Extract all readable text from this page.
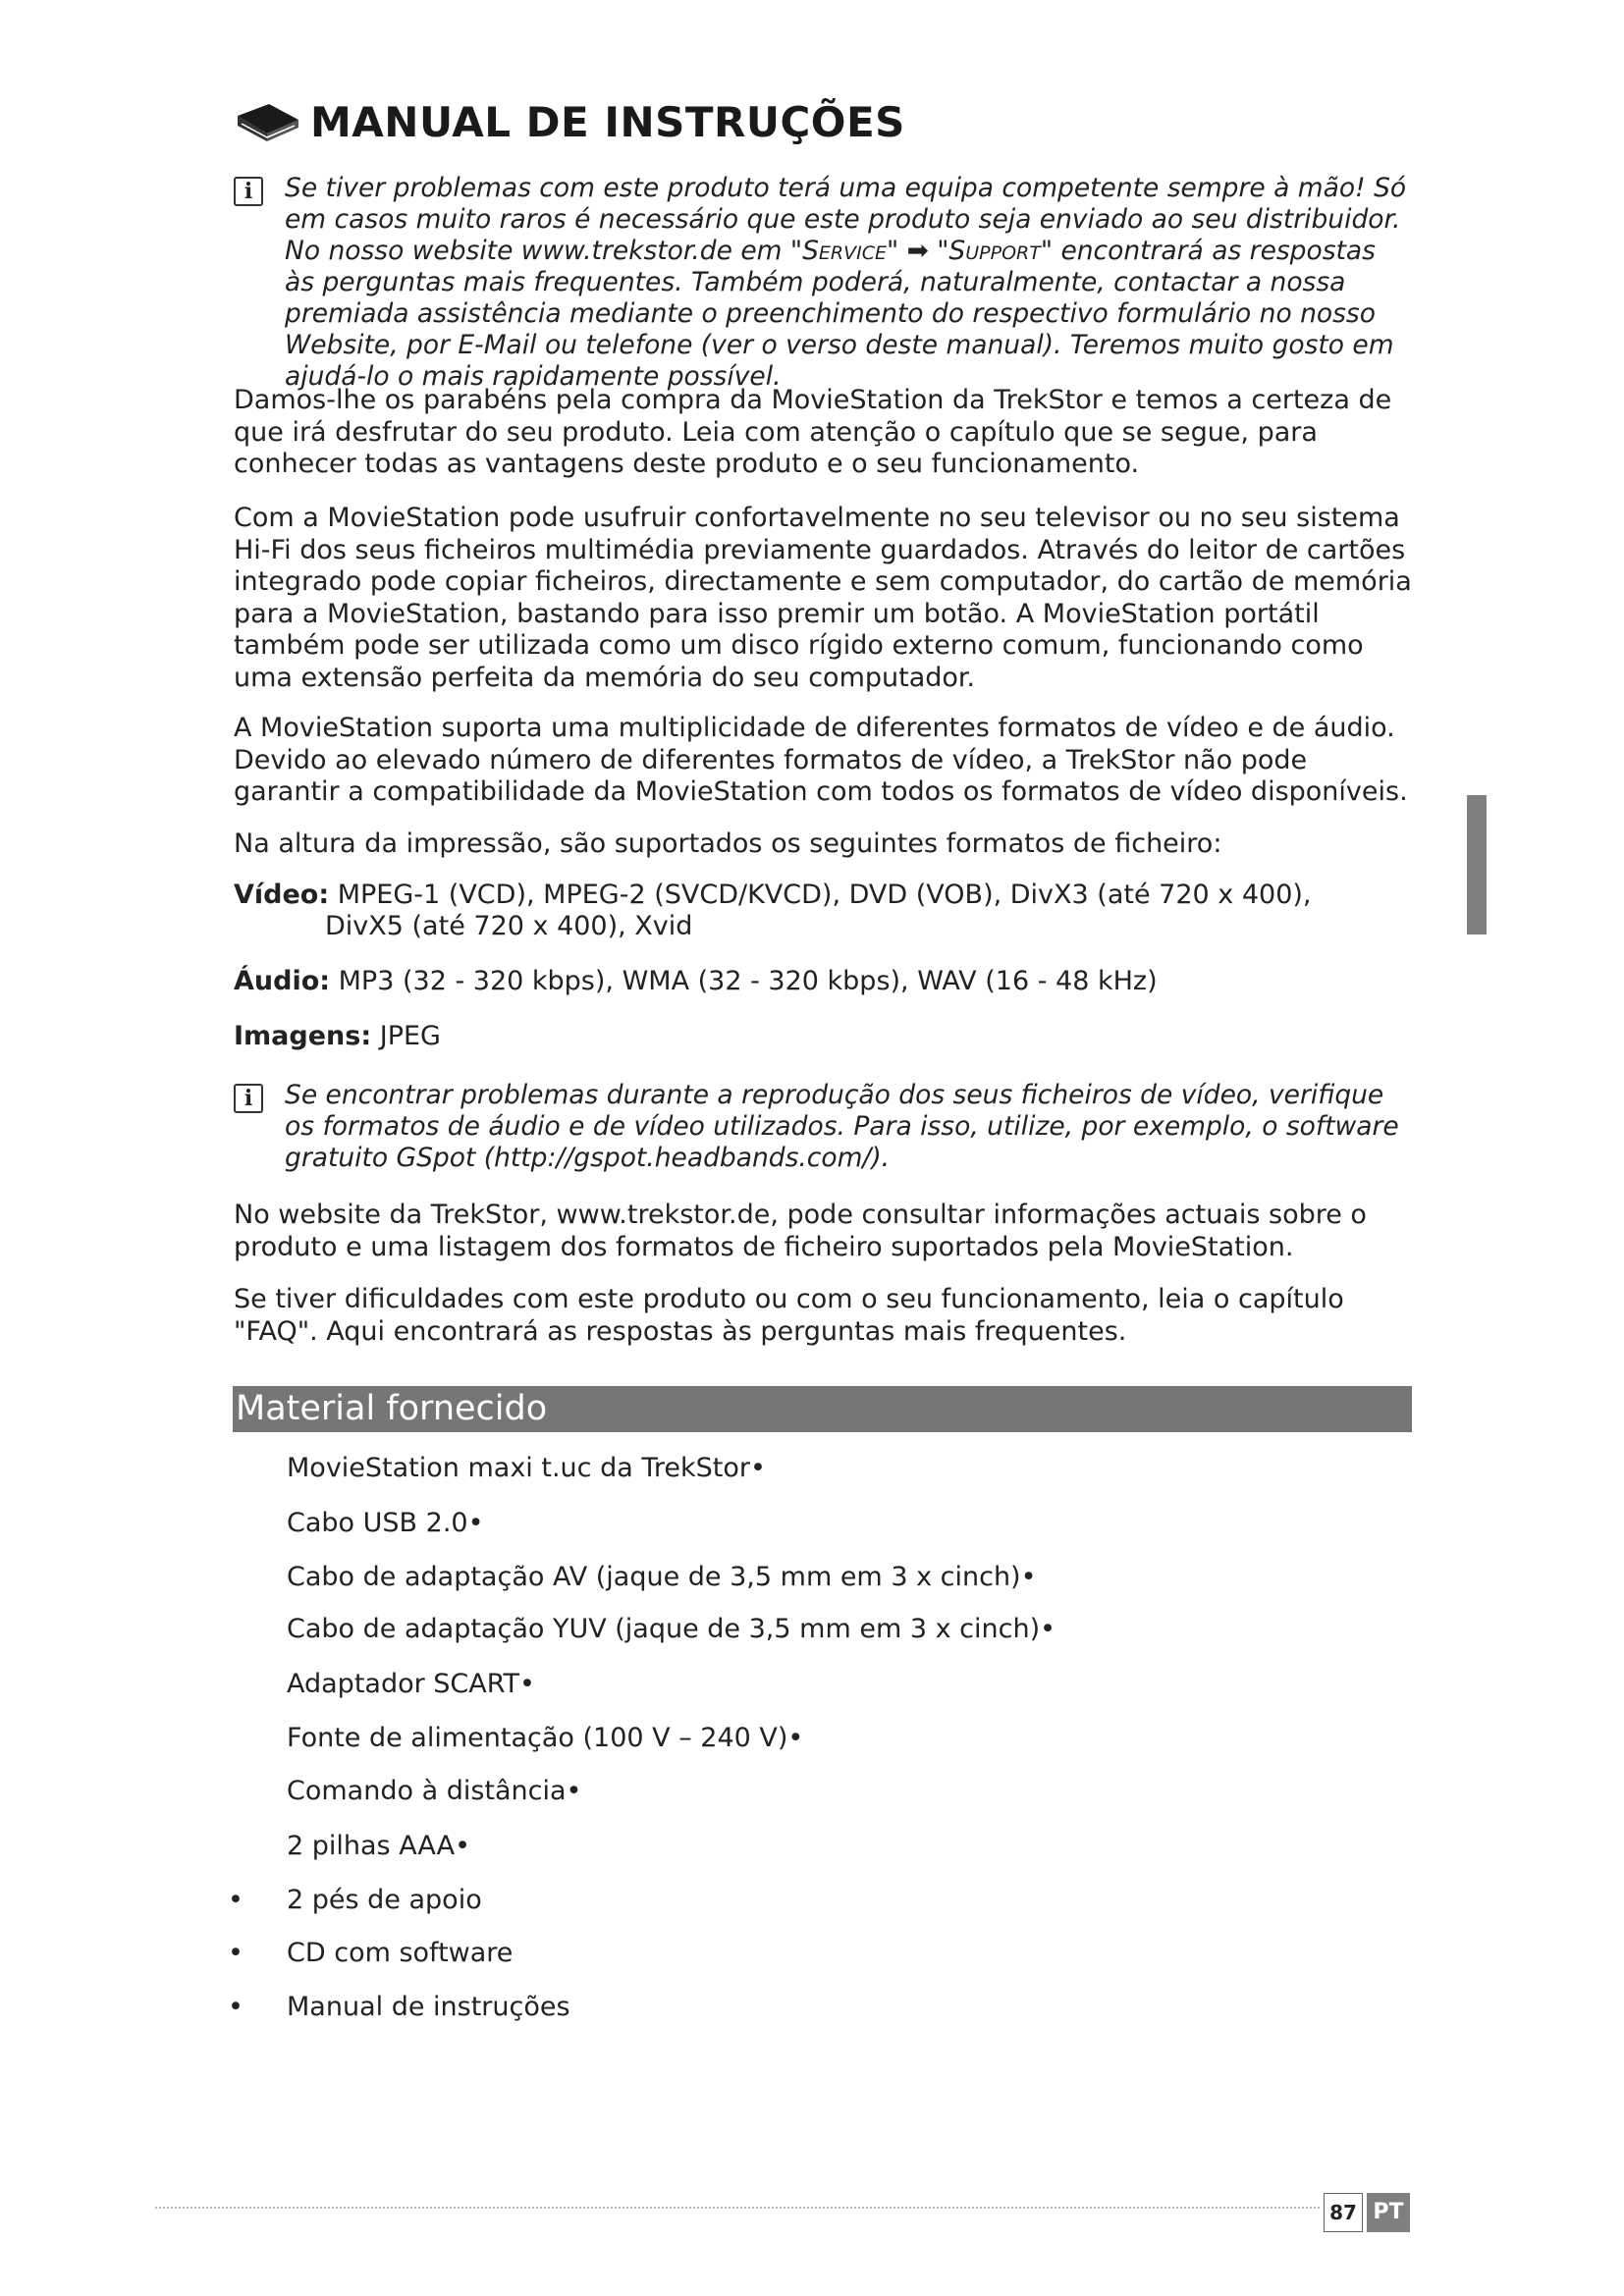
MANUAL DE INSTRUÇÕES
i	Se tiver problemas com este produto terá uma equipa competente sempre à mão! Só em casos muito raros é necessário que este produto seja enviado ao seu distribuidor. No nosso website www.trekstor.de em "Service" ➡ "Support" encontrará as respostas às perguntas mais frequentes. Também poderá, naturalmente, contactar a nossa premiada assistência mediante o preenchimento do respectivo formulário no nosso Website, por E-Mail ou telefone (ver o verso deste manual). Teremos muito gosto em ajudá-lo o mais rapidamente possível.
Damos-lhe os parabéns pela compra da MovieStation da TrekStor e temos a certeza de que irá desfrutar do seu produto. Leia com atenção o capítulo que se segue, para conhecer todas as vantagens deste produto e o seu funcionamento.
Com a MovieStation pode usufruir confortavelmente no seu televisor ou no seu sistema Hi-Fi dos seus ficheiros multimédia previamente guardados. Através do leitor de cartões integrado pode copiar ficheiros, directamente e sem computador, do cartão de memória para a MovieStation, bastando para isso premir um botão. A MovieStation portátil também pode ser utilizada como um disco rígido externo comum, funcionando como uma extensão perfeita da memória do seu computador.
A MovieStation suporta uma multiplicidade de diferentes formatos de vídeo e de áudio. Devido ao elevado número de diferentes formatos de vídeo, a TrekStor não pode garantir a compatibilidade da MovieStation com todos os formatos de vídeo disponíveis.
Na altura da impressão, são suportados os seguintes formatos de ficheiro:
Vídeo: MPEG-1 (VCD), MPEG-2 (SVCD/KVCD), DVD (VOB), DivX3 (até 720 x 400),
DivX5 (até 720 x 400), Xvid
Áudio: MP3 (32 - 320 kbps), WMA (32 - 320 kbps), WAV (16 - 48 kHz)
Imagens: JPEG
i	Se encontrar problemas durante a reprodução dos seus ficheiros de vídeo, verifique os formatos de áudio e de vídeo utilizados. Para isso, utilize, por exemplo, o software gratuito GSpot (http://gspot.headbands.com/).
No website da TrekStor, www.trekstor.de, pode consultar informações actuais sobre o produto e uma listagem dos formatos de ficheiro suportados pela MovieStation.
Se tiver dificuldades com este produto ou com o seu funcionamento, leia o capítulo "FAQ". Aqui encontrará as respostas às perguntas mais frequentes.
Material fornecido
MovieStation maxi t.uc da TrekStor•
Cabo USB 2.0•
Cabo de adaptação AV (jaque de 3,5 mm em 3 x cinch)•
Cabo de adaptação YUV (jaque de 3,5 mm em 3 x cinch)•
Adaptador SCART•
Fonte de alimentação (100 V – 240 V)•
Comando à distância•
2 pilhas AAA•
• 2 pés de apoio
• CD com software
• Manual de instruções
87 PT
